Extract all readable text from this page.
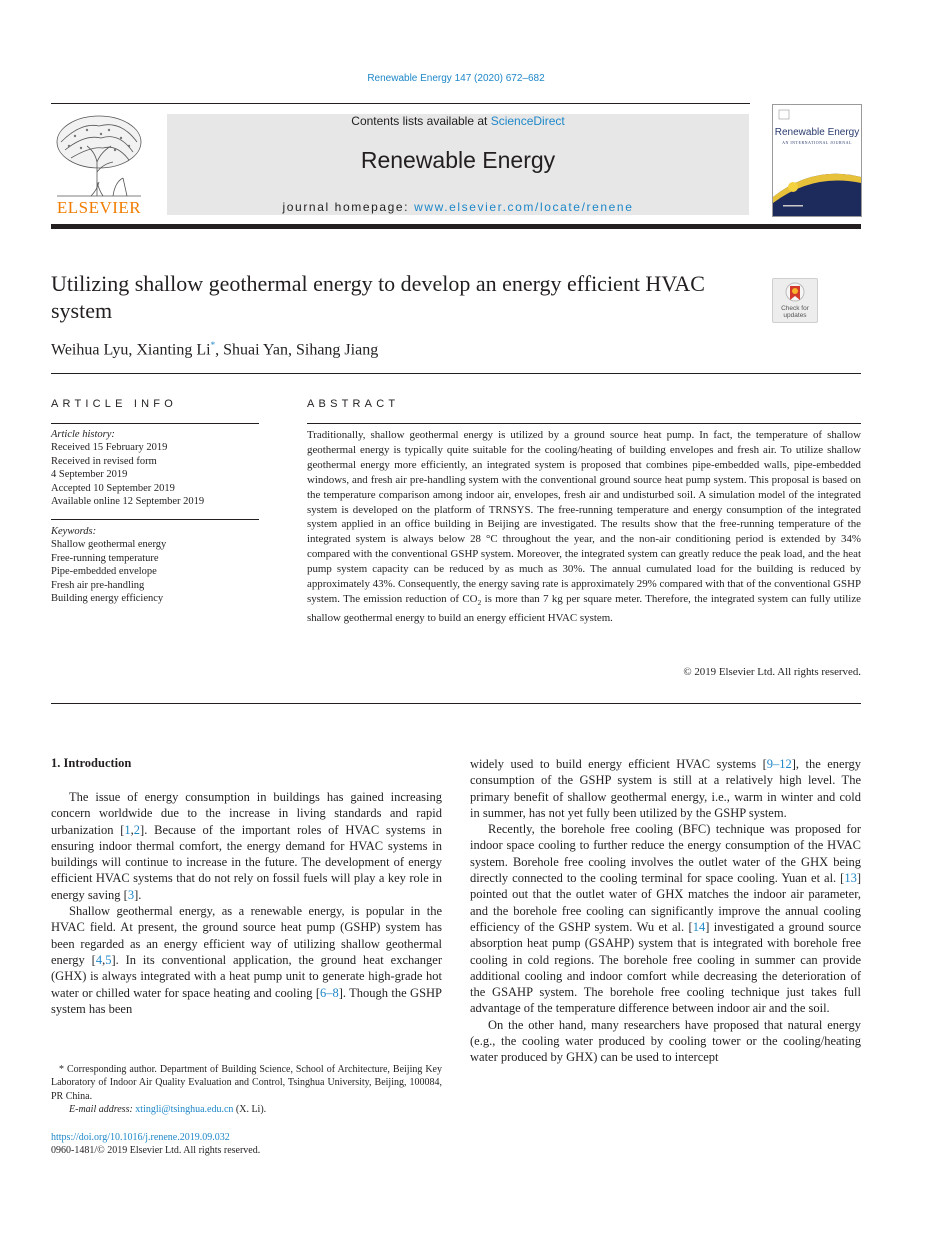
Renewable Energy 147 (2020) 672–682
ELSEVIER
Contents lists available at ScienceDirect
Renewable Energy
journal homepage: www.elsevier.com/locate/renene
Renewable Energy
AN INTERNATIONAL JOURNAL
Utilizing shallow geothermal energy to develop an energy efficient HVAC system	Check for updates
Weihua Lyu, Xianting Li*, Shuai Yan, Sihang Jiang
ARTICLE INFO
Article history:
Received 15 February 2019
Received in revised form
4 September 2019
Accepted 10 September 2019
Available online 12 September 2019
Keywords:
Shallow geothermal energy
Free-running temperature
Pipe-embedded envelope
Fresh air pre-handling
Building energy efficiency
ABSTRACT
Traditionally, shallow geothermal energy is utilized by a ground source heat pump. In fact, the temperature of shallow geothermal energy is typically quite suitable for the cooling/heating of building envelopes and fresh air. To utilize shallow geothermal energy more efficiently, an integrated system is proposed that combines pipe-embedded walls, pipe-embedded windows, and fresh air pre-handling system with the conventional ground source heat pump system. This proposal is based on the temperature comparison among indoor air, envelopes, fresh air and undisturbed soil. A simulation model of the integrated system is developed on the platform of TRNSYS. The free-running temperature and energy consumption of the integrated system applied in an office building in Beijing are investigated. The results show that the free-running temperature of the integrated system is always below 28 °C throughout the year, and the non-air conditioning period is extended by 34% compared with the conventional GSHP system. Moreover, the integrated system can greatly reduce the peak load, and the heat pump system capacity can be reduced by as much as 30%. The annual cumulated load for the building is reduced by approximately 43%. Consequently, the energy saving rate is approximately 29% compared with that of the conventional GSHP system. The emission reduction of $CO_2$ is more than 7 kg per square meter. Therefore, the integrated system can fully utilize shallow geothermal energy to build an energy efficient HVAC system.
© 2019 Elsevier Ltd. All rights reserved.
1. Introduction

The issue of energy consumption in buildings has gained increasing concern worldwide due to the increase in living standards and rapid urbanization [1,2]. Because of the important roles of HVAC systems in ensuring indoor thermal comfort, the energy demand for HVAC systems in buildings will continue to increase in the future. The development of energy efficient HVAC systems that do not rely on fossil fuels will play a key role in energy saving [3].

Shallow geothermal energy, as a renewable energy, is popular in the HVAC field. At present, the ground source heat pump (GSHP) system has been regarded as an energy efficient way of utilizing shallow geothermal energy [4,5]. In its conventional application, the ground heat exchanger (GHX) is always integrated with a heat pump unit to generate high-grade hot water or chilled water for space heating and cooling [6–8]. Though the GSHP system has been

widely used to build energy efficient HVAC systems [9–12], the energy consumption of the GSHP system is still at a relatively high level. The primary benefit of shallow geothermal energy, i.e., warm in winter and cold in summer, has not yet fully been utilized by the GSHP system.

Recently, the borehole free cooling (BFC) technique was proposed for indoor space cooling to further reduce the energy consumption of the HVAC system. Borehole free cooling involves the outlet water of the GHX being directly connected to the cooling terminal for space cooling. Yuan et al. [13] pointed out that the outlet water of GHX matches the indoor air parameter, and the borehole free cooling can significantly improve the annual cooling efficiency of the GSHP system. Wu et al. [14] investigated a ground source absorption heat pump (GSAHP) system that is integrated with borehole free cooling in cold regions. The borehole free cooling in summer can provide additional cooling and indoor comfort while decreasing the deterioration of the GSAHP system. The borehole free cooling technique just takes full advantage of the temperature difference between indoor air and the soil.

On the other hand, many researchers have proposed that natural energy (e.g., the cooling water produced by cooling tower or the cooling/heating water produced by GHX) can be used to intercept

* Corresponding author. Department of Building Science, School of Architecture, Beijing Key Laboratory of Indoor Air Quality Evaluation and Control, Tsinghua University, Beijing, 100084, PR China.

E-mail address: xtingli@tsinghua.edu.cn (X. Li).

https://doi.org/10.1016/j.renene.2019.09.032
0960-1481/© 2019 Elsevier Ltd. All rights reserved.
